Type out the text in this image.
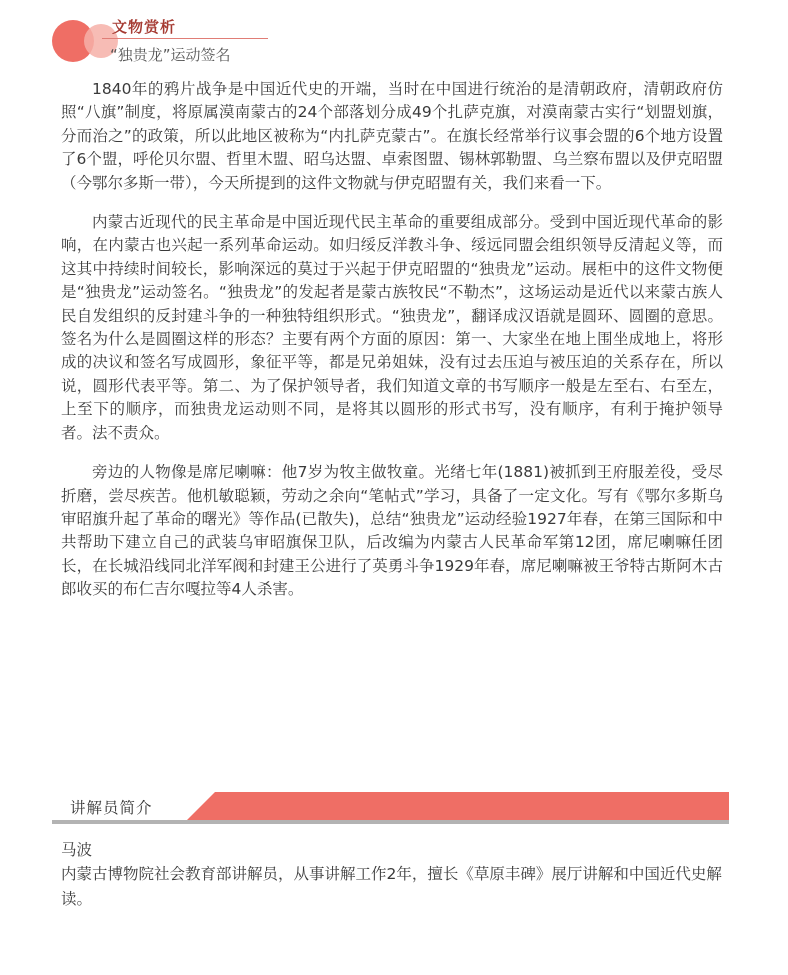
文物赏析
“独贵龙”运动签名

1840年的鸦片战争是中国近代史的开端，当时在中国进行统治的是清朝政府，清朝政府仿照“八旗”制度，将原属漠南蒙古的24个部落划分成49个扎萨克旗，对漠南蒙古实行“划盟划旗，分而治之”的政策，所以此地区被称为“内扎萨克蒙古”。在旗长经常举行议事会盟的6个地方设置了6个盟，呼伦贝尔盟、哲里木盟、昭乌达盟、卓索图盟、锡林郭勒盟、乌兰察布盟以及伊克昭盟（今鄂尔多斯一带），今天所提到的这件文物就与伊克昭盟有关，我们来看一下。

内蒙古近现代的民主革命是中国近现代民主革命的重要组成部分。受到中国近现代革命的影响，在内蒙古也兴起一系列革命运动。如归绥反洋教斗争、绥远同盟会组织领导反清起义等，而这其中持续时间较长，影响深远的莫过于兴起于伊克昭盟的“独贵龙”运动。展柜中的这件文物便是“独贵龙”运动签名。“独贵龙”的发起者是蒙古族牧民“不勒杰”，这场运动是近代以来蒙古族人民自发组织的反封建斗争的一种独特组织形式。“独贵龙”，翻译成汉语就是圆环、圆圈的意思。签名为什么是圆圈这样的形态？主要有两个方面的原因：第一、大家坐在地上围坐成地上，将形成的决议和签名写成圆形，象征平等，都是兄弟姐妹，没有过去压迫与被压迫的关系存在，所以说，圆形代表平等。第二、为了保护领导者，我们知道文章的书写顺序一般是左至右、右至左，上至下的顺序，而独贵龙运动则不同，是将其以圆形的形式书写，没有顺序，有利于掩护领导者。法不责众。

旁边的人物像是席尼喇嘛：他7岁为牧主做牧童。光绪七年(1881)被抓到王府服差役，受尽折磨，尝尽疾苦。他机敏聪颖，劳动之余向“笔帖式”学习，具备了一定文化。写有《鄂尔多斯乌审昭旗升起了革命的曙光》等作品(已散失)，总结“独贵龙”运动经验1927年春，在第三国际和中共帮助下建立自己的武装乌审昭旗保卫队，后改编为内蒙古人民革命军第12团，席尼喇嘛任团长，在长城沿线同北洋军阀和封建王公进行了英勇斗争1929年春，席尼喇嘛被王爷特古斯阿木古郎收买的布仁吉尔嘎拉等4人杀害。

讲解员简介
马波
内蒙古博物院社会教育部讲解员，从事讲解工作2年，擅长《草原丰碑》展厅讲解和中国近代史解读。
